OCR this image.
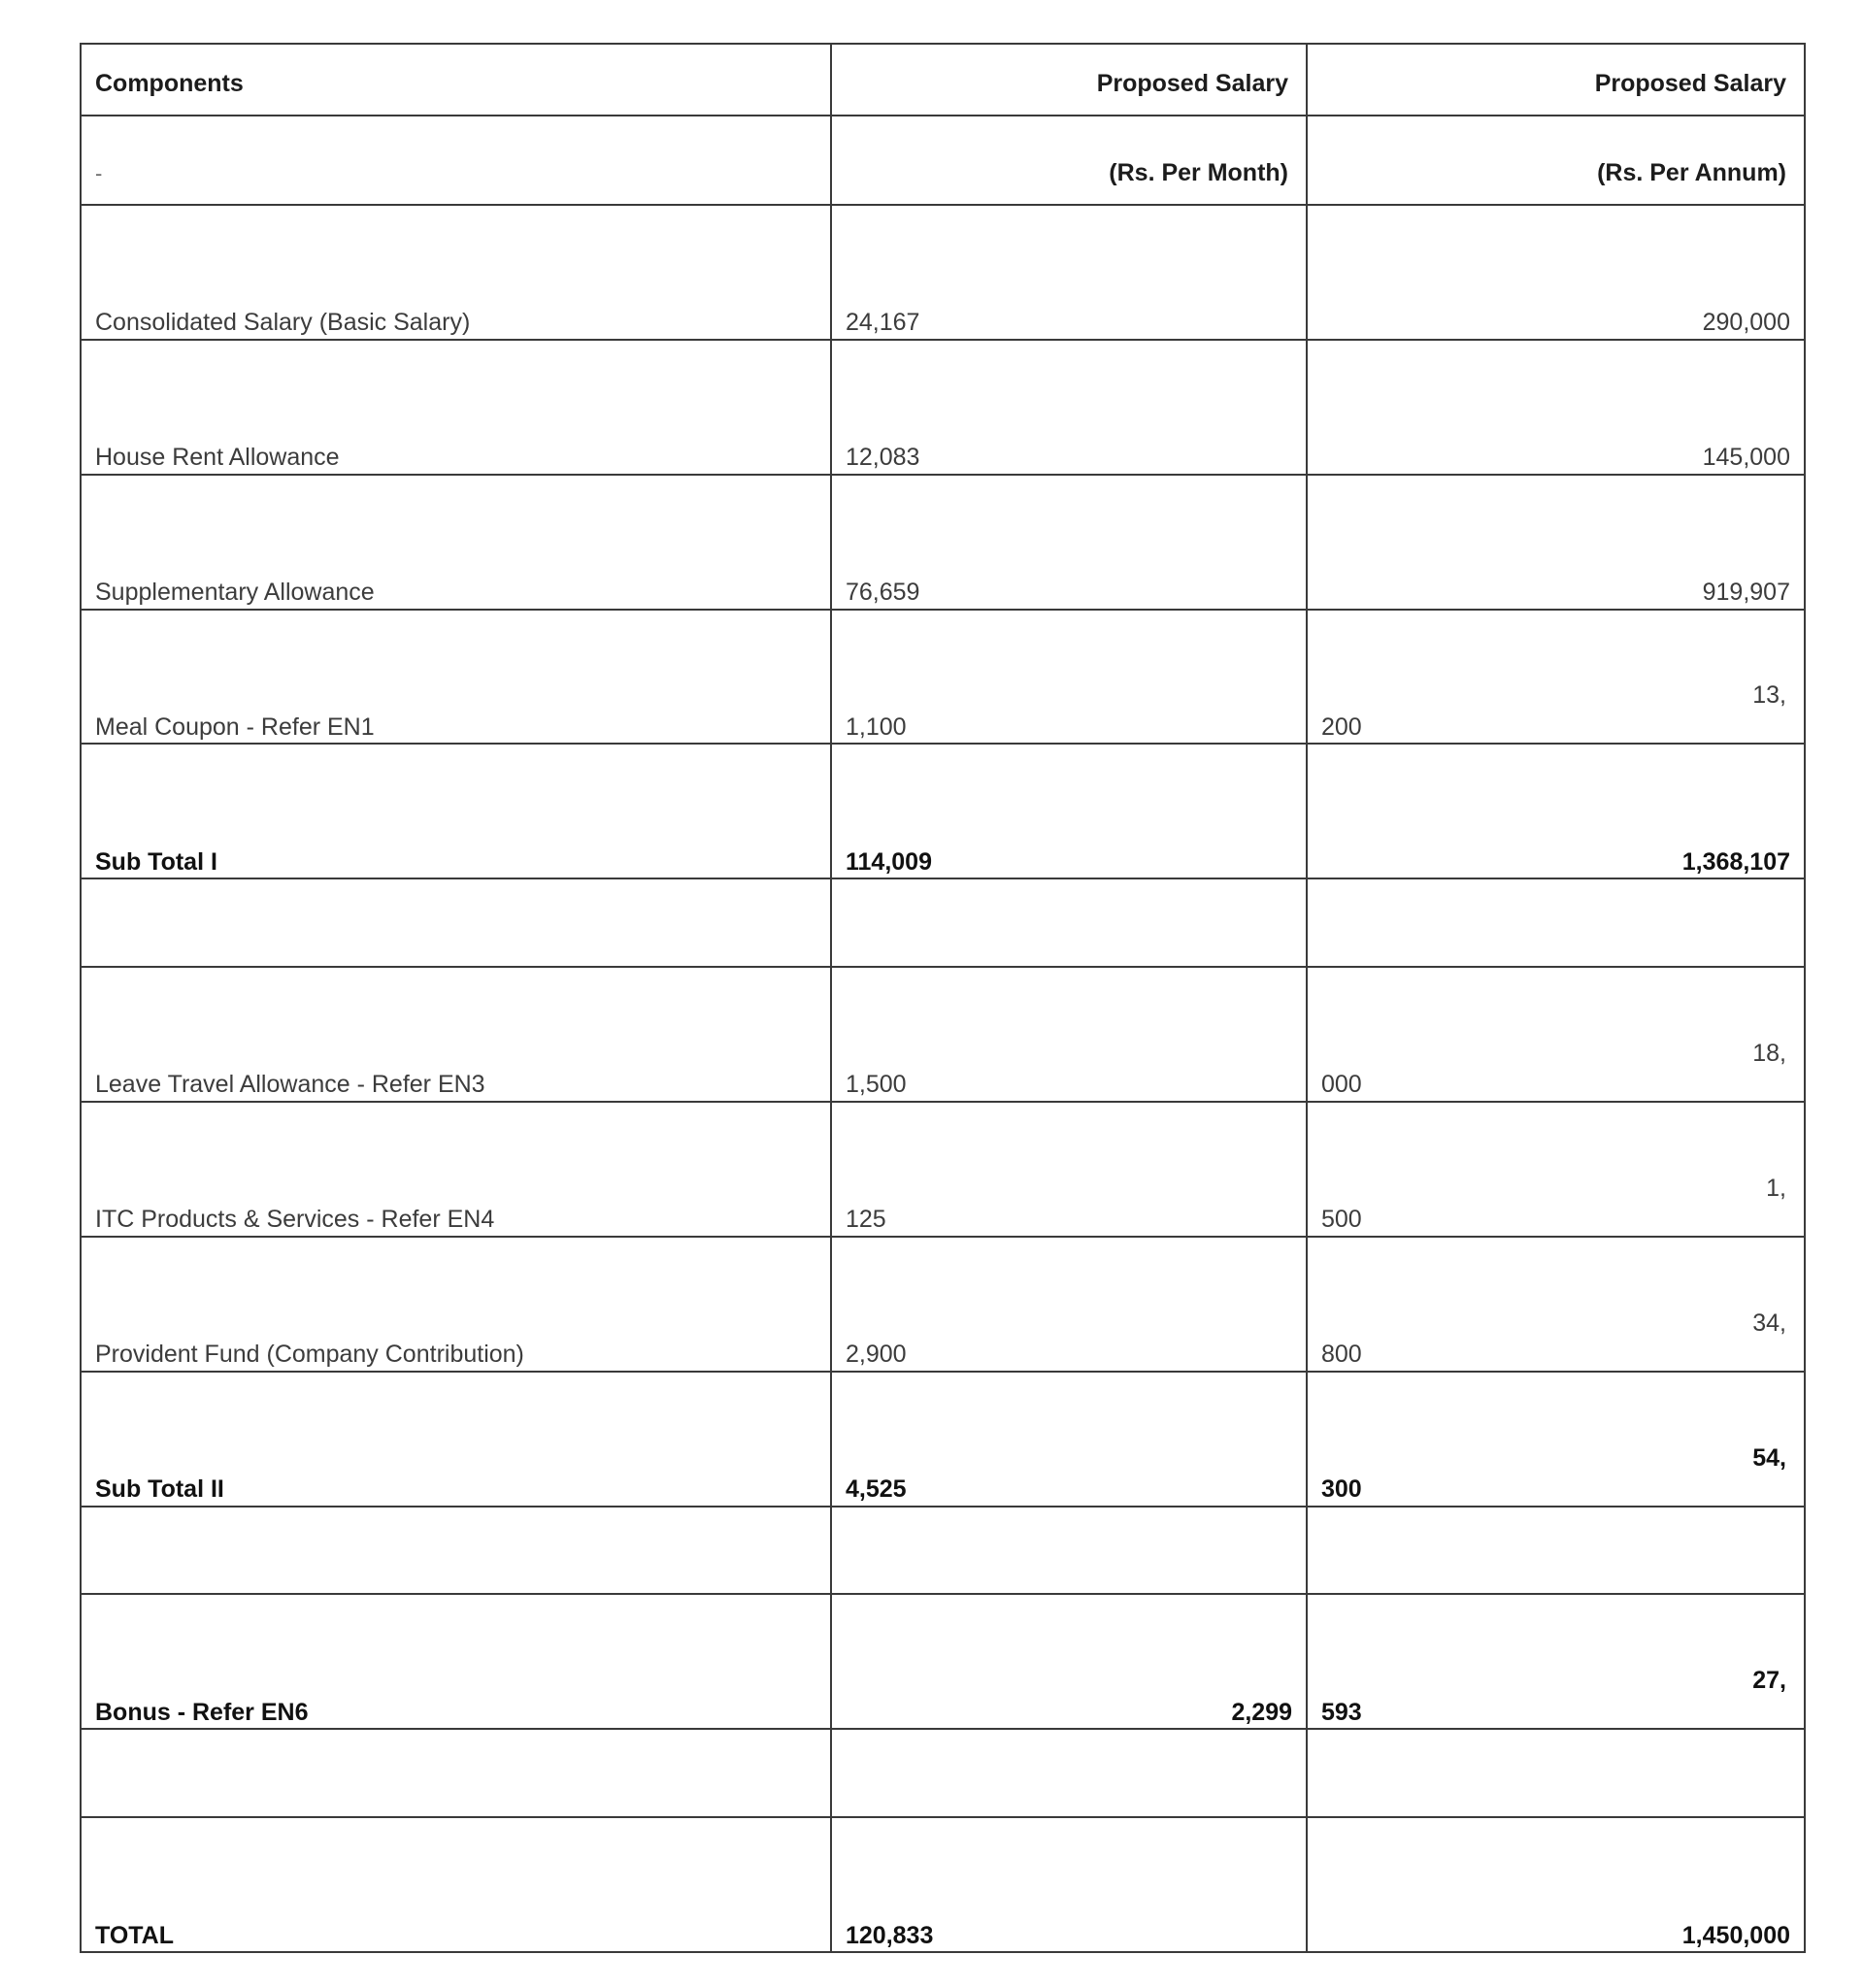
Components	Proposed Salary	Proposed Salary
-	(Rs. Per Month)	(Rs. Per Annum)
Consolidated Salary (Basic Salary)	24,167	290,000
House Rent Allowance	12,083	145,000
Supplementary Allowance	76,659	919,907
Meal Coupon - Refer EN1	1,100	13,
200

Sub Total I	114,009	1,368,107

Leave Travel Allowance - Refer EN3	1,500	18,
000

ITC Products & Services - Refer EN4	125	1,
500

Provident Fund (Company Contribution)	2,900	34,
800

Sub Total II	4,525	54,
300

Bonus - Refer EN6	2,299	27,
593

TOTAL	120,833	1,450,000
